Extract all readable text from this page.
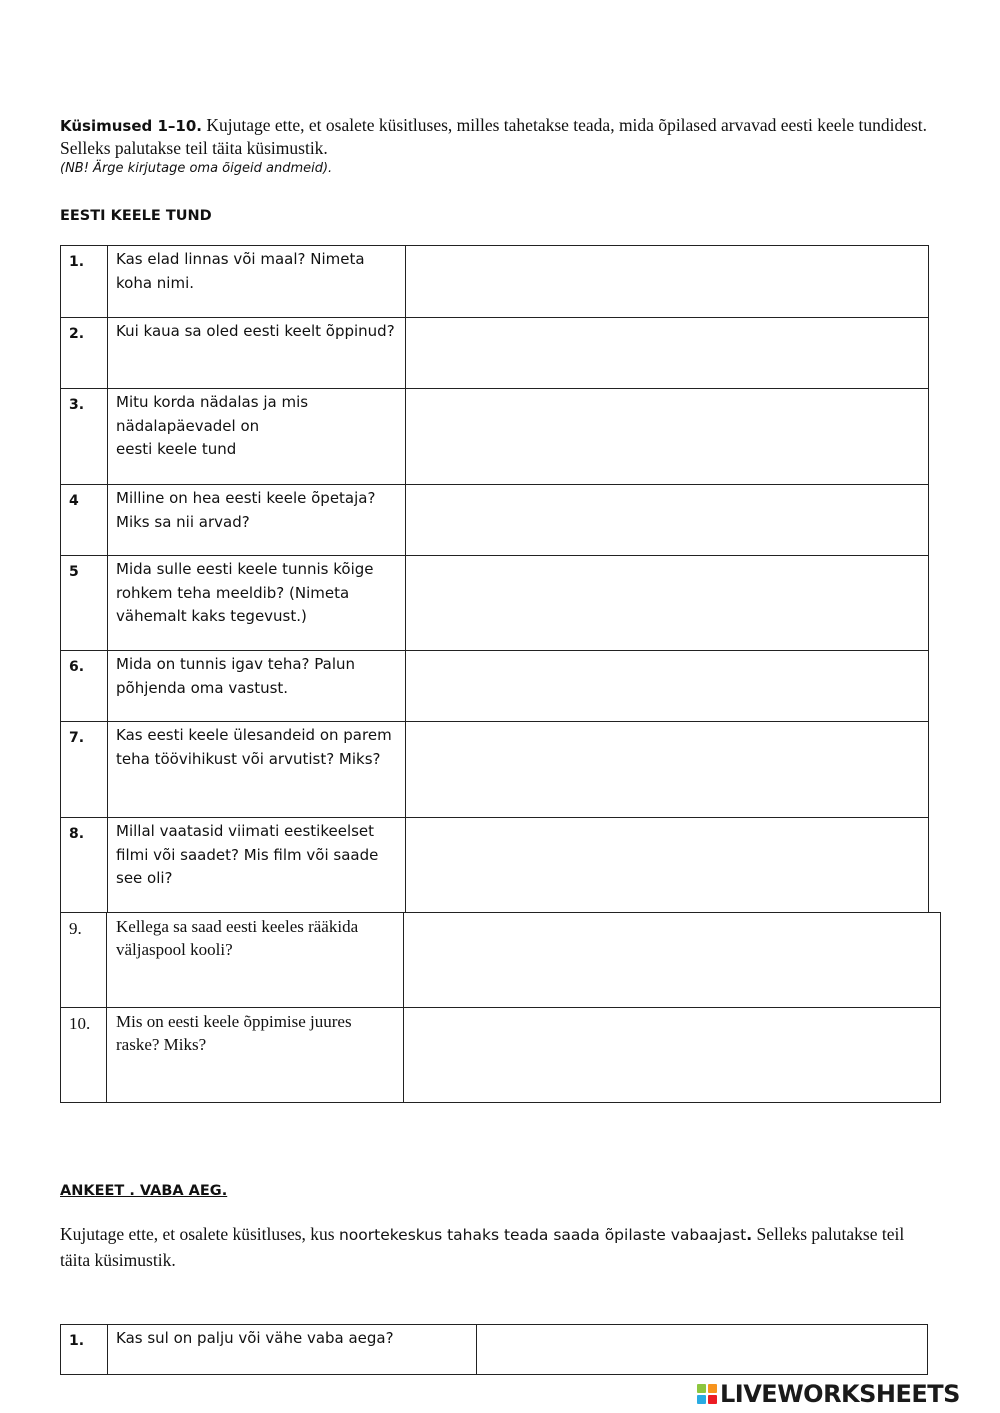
Küsimused 1–10. Kujutage ette, et osalete küsitluses, milles tahetakse teada, mida õpilased arvavad eesti keele tundidest. Selleks palutakse teil täita küsimustik.
(NB! Ärge kirjutage oma õigeid andmeid).
EESTI KEELE TUND
1.	Kas elad linnas või maal? Nimeta koha nimi.	
2.	Kui kaua sa oled eesti keelt õppinud?	
3.	Mitu korda nädalas ja mis nädalapäevadel on
eesti keele tund	
4	Milline on hea eesti keele õpetaja? Miks sa nii arvad?	
5	Mida sulle eesti keele tunnis kõige rohkem teha meeldib? (Nimeta vähemalt kaks tegevust.)	
6.	Mida on tunnis igav teha? Palun põhjenda oma vastust.	
7.	Kas eesti keele ülesandeid on parem teha töövihikust või arvutist? Miks?	
8.	Millal vaatasid viimati eestikeelset filmi või saadet? Mis film või saade see oli?	
9.	Kellega sa saad eesti keeles rääkida väljaspool kooli?	
10.	Mis on eesti keele õppimise juures raske? Miks?	
ANKEET . VABA AEG.
Kujutage ette, et osalete küsitluses, kus noortekeskus tahaks teada saada õpilaste vabaajast. Selleks palutakse teil täita küsimustik.
1.	Kas sul on palju või vähe vaba aega?	
LIVEWORKSHEETS
